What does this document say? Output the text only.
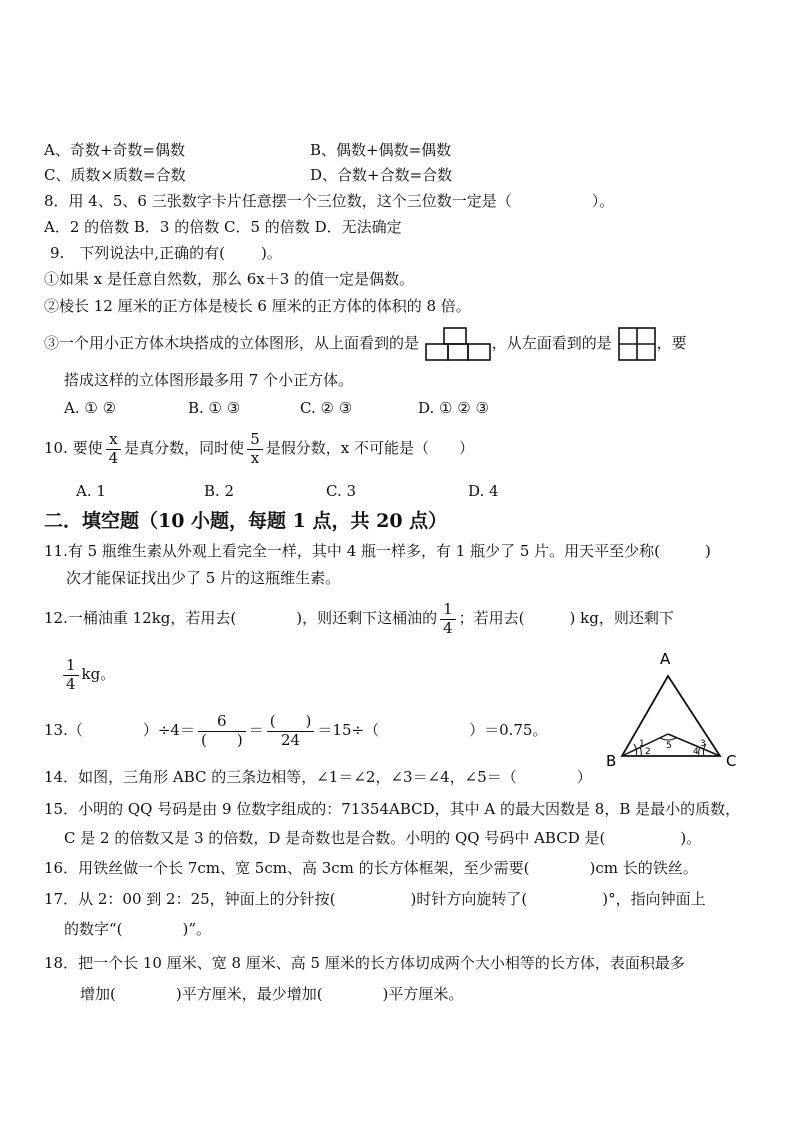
A、奇数+奇数=偶数	B、偶数+偶数=偶数
C、质数×质数=合数	D、合数+合数=合数
8．用 4、5、6 三张数字卡片任意摆一个三位数，这个三位数一定是（	）。
A．2 的倍数 B．3 的倍数 C．5 的倍数 D．无法确定
9.　下列说法中,正确的有( )。
①如果 x 是任意自然数，那么 6x＋3 的值一定是偶数。
②棱长 12 厘米的正方体是棱长 6 厘米的正方体的体积的 8 倍。
③一个用小正方体木块搭成的立体图形，从上面看到的是	，从左面看到的是	，要
搭成这样的立体图形最多用 7 个小正方体。
A. ① ②	B. ① ③	C. ② ③	D. ① ② ③
10. 要使 $\frac{x}{4}$ 是真分数，同时使 $\frac{5}{x}$ 是假分数，x 不可能是（　　）
A. 1	B. 2	C. 3	D. 4
二．填空题（10 小题，每题 1 点，共 20 点）
11.有 5 瓶维生素从外观上看完全一样，其中 4 瓶一样多，有 1 瓶少了 5 片。用天平至少称(　　　)
次才能保证找出少了 5 片的这瓶维生素。
12.一桶油重 12kg，若用去(　　　　)，则还剩下这桶油的 $\frac{1}{4}$ ；若用去(　　　) kg，则还剩下
$\frac{1}{4}$ kg。
13.（　　　　）$\div 4= \frac{6}{( )} = \frac{( )}{24} =15\div$（　　　　　　）＝0.75。
A
B	C
1
2
3
4
5
14．如图，三角形 ABC 的三条边相等，∠1＝∠2，∠3＝∠4，∠5＝（　　　　）
15．小明的 QQ 号码是由 9 位数字组成的：71354ABCD，其中 A 的最大因数是 8，B 是最小的质数，
C 是 2 的倍数又是 3 的倍数，D 是奇数也是合数。小明的 QQ 号码中 ABCD 是(　　　　　)。
16．用铁丝做一个长 7cm、宽 5cm、高 3cm 的长方体框架，至少需要(　　　　)cm 长的铁丝。
17．从 2：00 到 2：25，钟面上的分针按(　　　　　)时针方向旋转了(　　　　　)°，指向钟面上
的数字“(　　　　)”。
18．把一个长 10 厘米、宽 8 厘米、高 5 厘米的长方体切成两个大小相等的长方体，表面积最多
增加(　　　　)平方厘米，最少增加(　　　　)平方厘米。
